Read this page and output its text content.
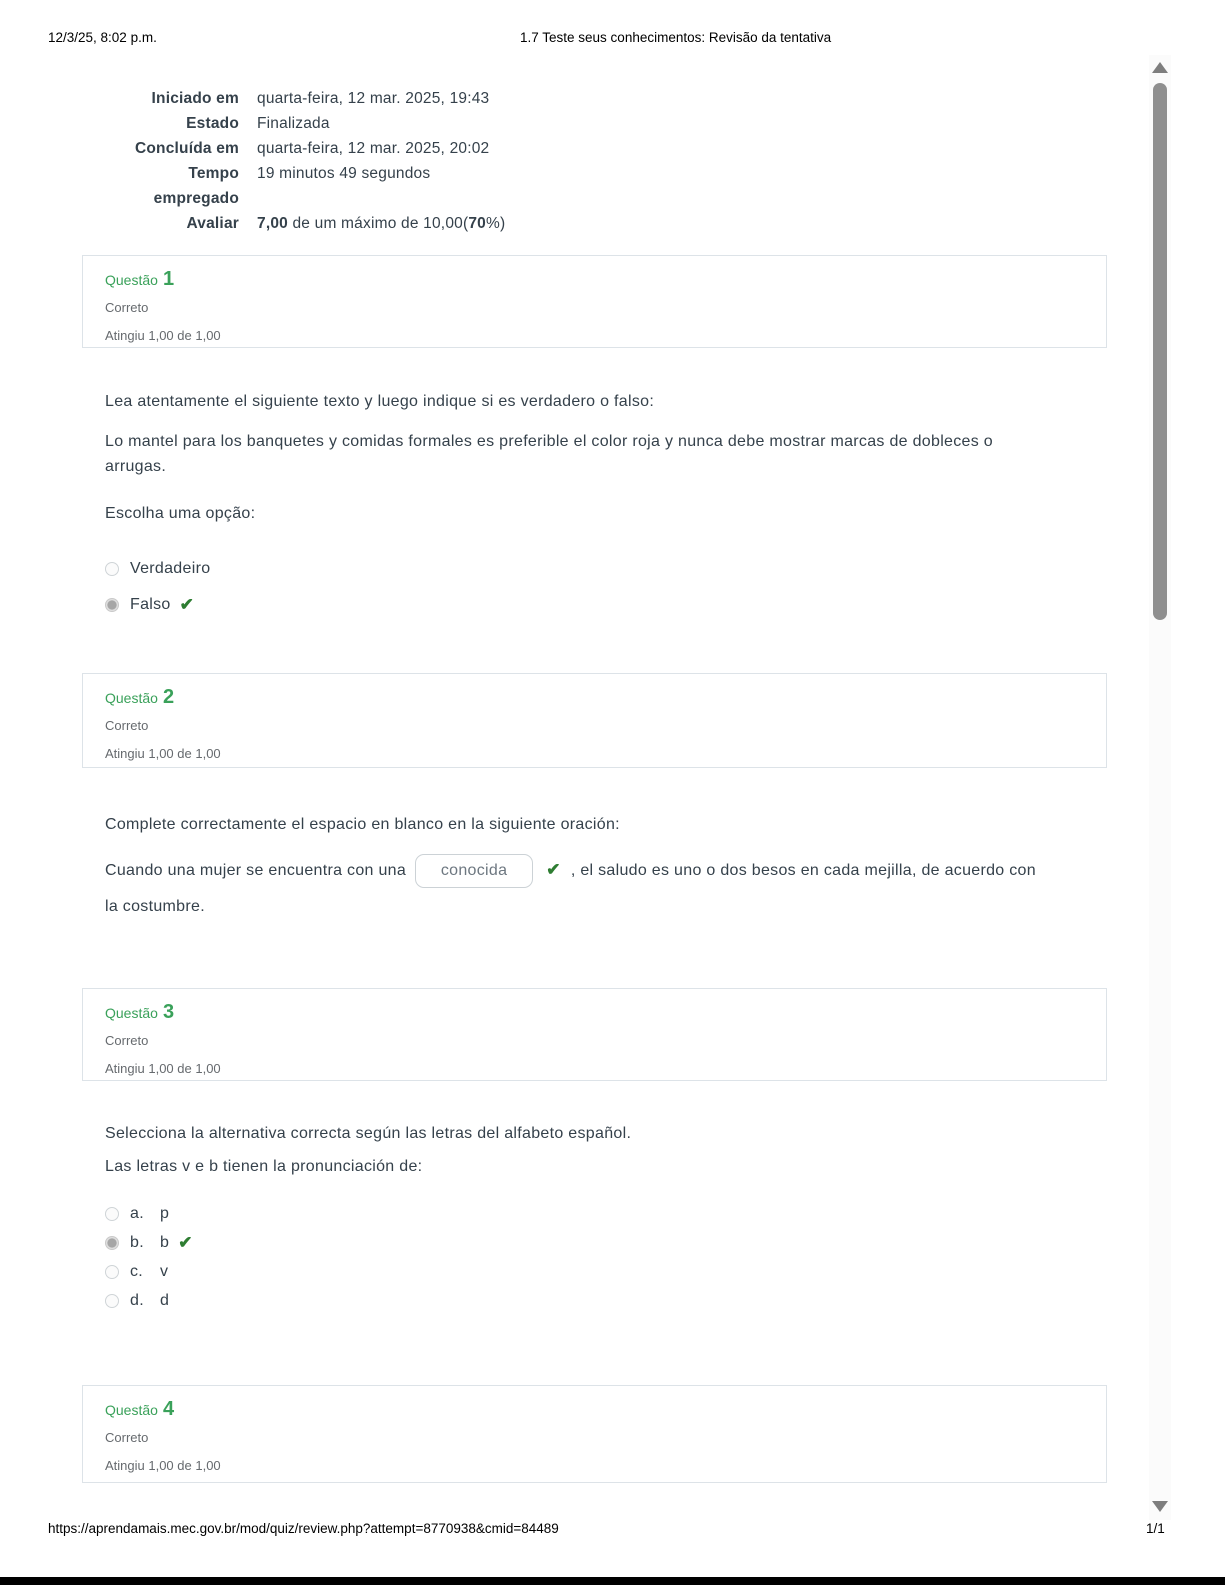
12/3/25, 8:02 p.m.	1.7 Teste seus conhecimentos: Revisão da tentativa
Iniciado em quarta-feira, 12 mar. 2025, 19:43
Estado Finalizada
Concluída em quarta-feira, 12 mar. 2025, 20:02
Tempo empregado
19 minutos 49 segundos
Avaliar 7,00 de um máximo de 10,00(70%)
Questão 1
Correto
Atingiu 1,00 de 1,00

Lea atentamente el siguiente texto y luego indique si es verdadero o falso:

Lo mantel para los banquetes y comidas formales es preferible el color roja y nunca debe mostrar marcas de dobleces o arrugas.

Escolha uma opção:

Verdadeiro
Falso ✔
Questão 2
Correto
Atingiu 1,00 de 1,00

Complete correctamente el espacio en blanco en la siguiente oración:

Cuando una mujer se encuentra con una conocida ✔ , el saludo es uno o dos besos en cada mejilla, de acuerdo con la costumbre.

Questão 3
Correto
Atingiu 1,00 de 1,00

Selecciona la alternativa correcta según las letras del alfabeto español.

Las letras v e b tienen la pronunciación de:

a.	p
b.	b ✔
c.	v
d.	d
Questão 4
Correto
Atingiu 1,00 de 1,00
https://aprendamais.mec.gov.br/mod/quiz/review.php?attempt=8770938&cmid=84489	1/1
